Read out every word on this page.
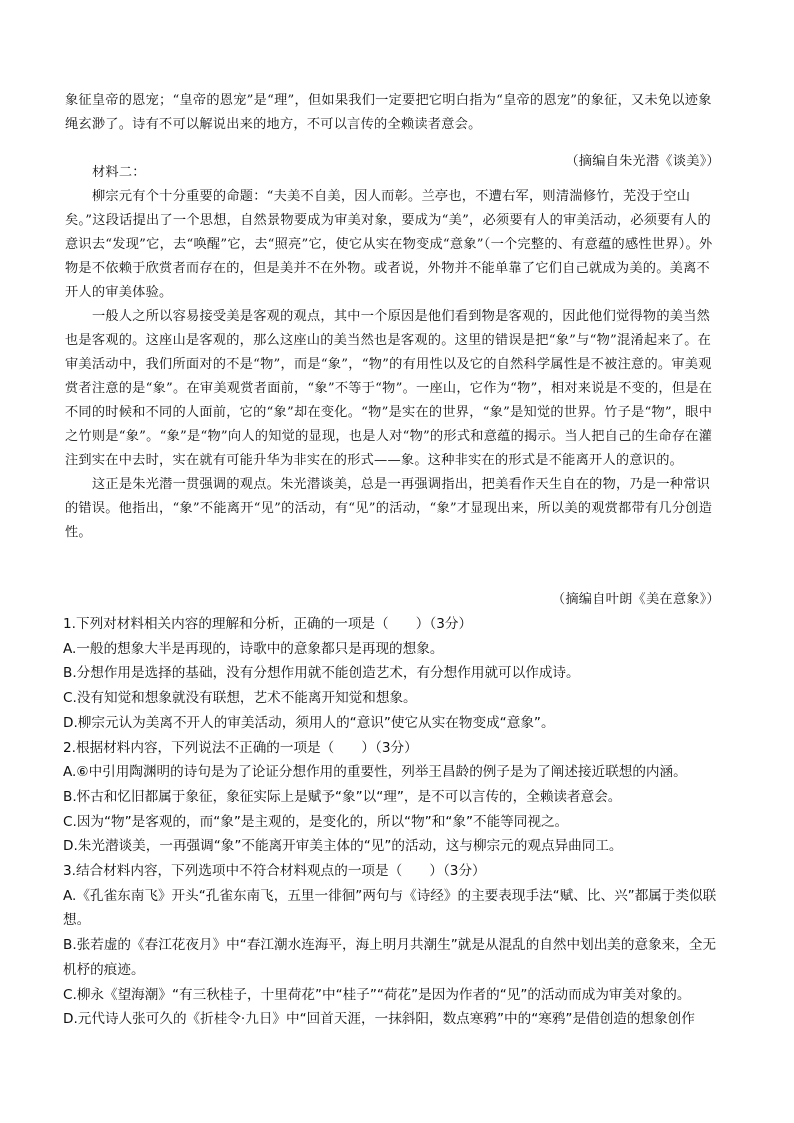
象征皇帝的恩宠；“皇帝的恩宠”是“理”，但如果我们一定要把它明白指为“皇帝的恩宠”的象征，又未免以迹象绳玄渺了。诗有不可以解说出来的地方，不可以言传的全赖读者意会。

（摘编自朱光潜《谈美》）

材料二：

柳宗元有个十分重要的命题：“夫美不自美，因人而彰。兰亭也，不遭右军，则清湍修竹，芜没于空山矣。”这段话提出了一个思想，自然景物要成为审美对象，要成为“美”，必须要有人的审美活动，必须要有人的意识去“发现”它，去“唤醒”它，去“照亮”它，使它从实在物变成“意象”（一个完整的、有意蕴的感性世界）。外物是不依赖于欣赏者而存在的，但是美并不在外物。或者说，外物并不能单靠了它们自己就成为美的。美离不开人的审美体验。

一般人之所以容易接受美是客观的观点，其中一个原因是他们看到物是客观的，因此他们觉得物的美当然也是客观的。这座山是客观的，那么这座山的美当然也是客观的。这里的错误是把“象”与“物”混淆起来了。在审美活动中，我们所面对的不是“物”，而是“象”，“物”的有用性以及它的自然科学属性是不被注意的。审美观赏者注意的是“象”。在审美观赏者面前，“象”不等于“物”。一座山，它作为“物”，相对来说是不变的，但是在不同的时候和不同的人面前，它的“象”却在变化。“物”是实在的世界，“象”是知觉的世界。竹子是“物”，眼中之竹则是“象”。“象”是“物”向人的知觉的显现，也是人对“物”的形式和意蕴的揭示。当人把自己的生命存在灌注到实在中去时，实在就有可能升华为非实在的形式——象。这种非实在的形式是不能离开人的意识的。

这正是朱光潜一贯强调的观点。朱光潜谈美，总是一再强调指出，把美看作天生自在的物，乃是一种常识的错误。他指出，“象”不能离开“见”的活动，有“见”的活动，“象”才显现出来，所以美的观赏都带有几分创造性。

（摘编自叶朗《美在意象》）

1.下列对材料相关内容的理解和分析，正确的一项是（　　）（3分）

A.一般的想象大半是再现的，诗歌中的意象都只是再现的想象。

B.分想作用是选择的基础，没有分想作用就不能创造艺术，有分想作用就可以作成诗。

C.没有知觉和想象就没有联想，艺术不能离开知觉和想象。

D.柳宗元认为美离不开人的审美活动，须用人的“意识”使它从实在物变成“意象”。

2.根据材料内容，下列说法不正确的一项是（　　）（3分）

A.⑥中引用陶渊明的诗句是为了论证分想作用的重要性，列举王昌龄的例子是为了阐述接近联想的内涵。

B.怀古和忆旧都属于象征，象征实际上是赋予“象”以“理”，是不可以言传的，全赖读者意会。

C.因为“物”是客观的，而“象”是主观的，是变化的，所以“物”和“象”不能等同视之。

D.朱光潜谈美，一再强调“象”不能离开审美主体的“见”的活动，这与柳宗元的观点异曲同工。

3.结合材料内容，下列选项中不符合材料观点的一项是（　　）（3分）

A.《孔雀东南飞》开头“孔雀东南飞，五里一徘徊”两句与《诗经》的主要表现手法“赋、比、兴”都属于类似联想。

B.张若虚的《春江花夜月》中“春江潮水连海平，海上明月共潮生”就是从混乱的自然中划出美的意象来，全无机杼的痕迹。

C.柳永《望海潮》“有三秋桂子，十里荷花”中“桂子”“荷花”是因为作者的“见”的活动而成为审美对象的。

D.元代诗人张可久的《折桂令·九日》中“回首天涯，一抹斜阳，数点寒鸦”中的“寒鸦”是借创造的想象创作
